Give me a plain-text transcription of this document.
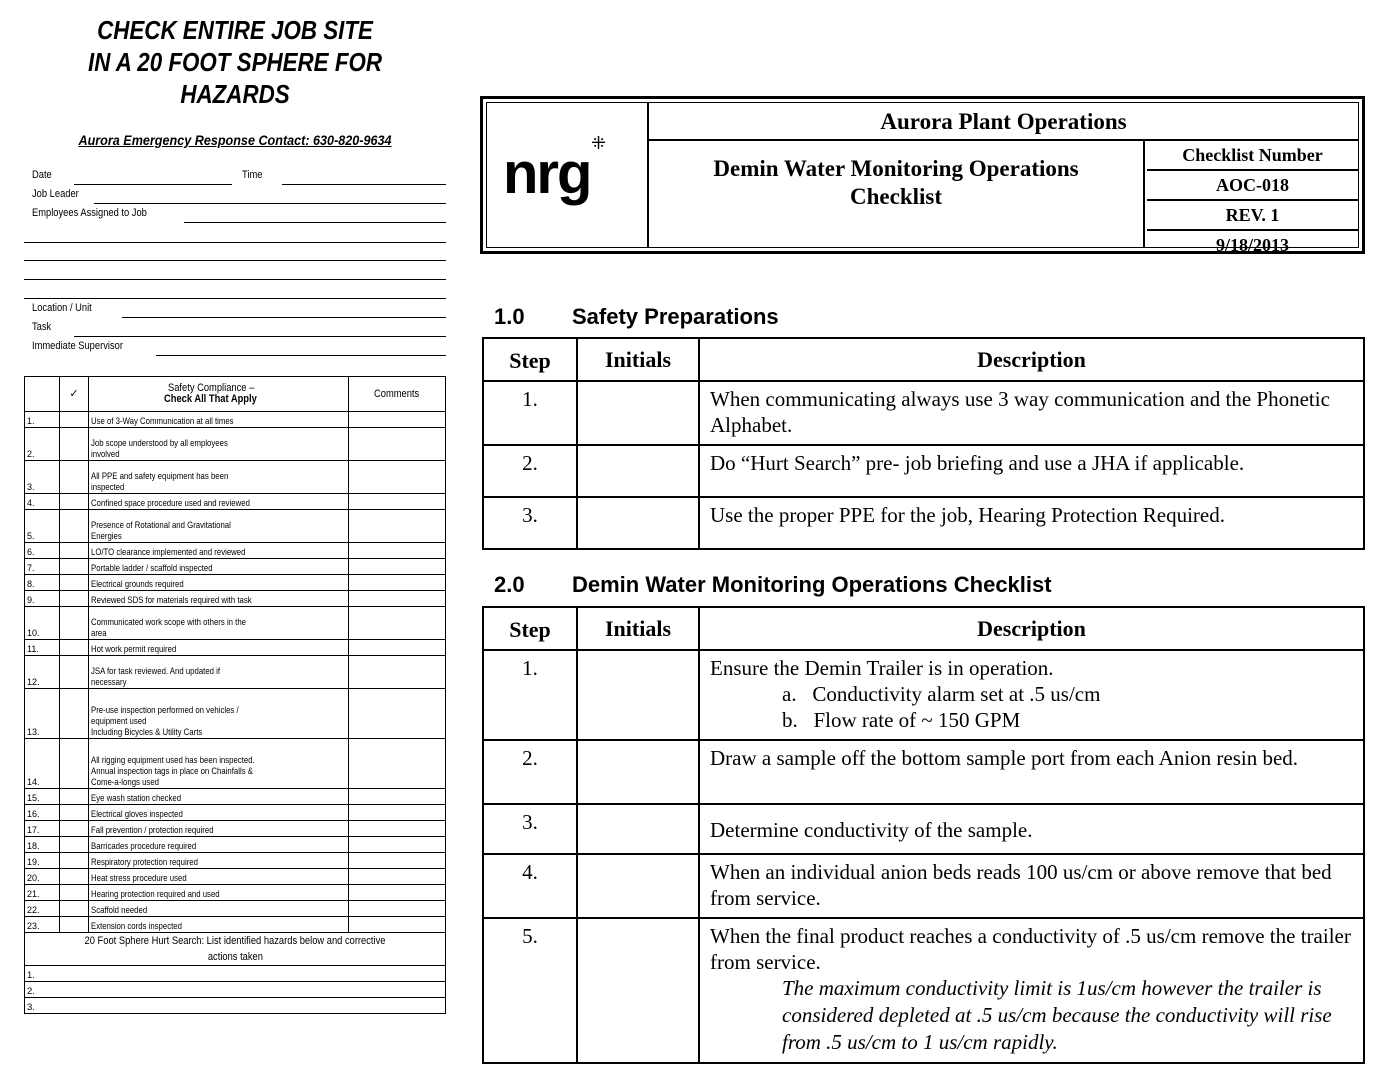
CHECK ENTIRE JOB SITE
IN A 20 FOOT SPHERE FOR
HAZARDS
Aurora Emergency Response Contact: 630-820-9634
Date	Time
Job Leader
Employees Assigned to Job
Location / Unit
Task
Immediate Supervisor
	✓	Safety Compliance –
Check All That Apply	Comments
1.		Use of 3-Way Communication at all times	
2.		Job scope understood by all employees
involved	
3.		All PPE and safety equipment has been
inspected	
4.		Confined space procedure used and reviewed	
5.		Presence of Rotational and Gravitational
Energies	
6.		LO/TO clearance implemented and reviewed	
7.		Portable ladder / scaffold inspected	
8.		Electrical grounds required	
9.		Reviewed SDS for materials required with task	
10.		Communicated work scope with others in the
area	
11.		Hot work permit required	
12.		JSA for task reviewed. And updated if
necessary	
13.		Pre-use inspection performed on vehicles /
equipment used
Including Bicycles & Utility Carts	
14.		All rigging equipment used has been inspected.
Annual inspection tags in place on Chainfalls &
Come-a-longs used	
15.		Eye wash station checked	
16.		Electrical gloves inspected	
17.		Fall prevention / protection required	
18.		Barricades procedure required	
19.		Respiratory protection required	
20.		Heat stress procedure used	
21.		Hearing protection required and used	
22.		Scaffold needed	
23.		Extension cords inspected	
20 Foot Sphere Hurt Search: List identified hazards below and corrective
actions taken			
1.			
2.			
3.			
nrg ⁜
Aurora Plant Operations
Demin Water Monitoring Operations
Checklist
Checklist Number
AOC-018
REV. 1
9/18/2013
1.0 Safety Preparations
Step	Initials	Description
1.		When communicating always use 3 way communication and the Phonetic Alphabet.
2.		Do “Hurt Search” pre- job briefing and use a JHA if applicable.
3.		Use the proper PPE for the job, Hearing Protection Required.
2.0 Demin Water Monitoring Operations Checklist
Step	Initials	Description
1.		Ensure the Demin Trailer is in operation.
a.   Conductivity alarm set at .5 us/cm
b.   Flow rate of ~ 150 GPM

2.		Draw a sample off the bottom sample port from each Anion resin bed.
3.		Determine conductivity of the sample.
4.		When an individual anion beds reads 100 us/cm or above remove that bed from service.
5.		When the final product reaches a conductivity of .5 us/cm remove the trailer from service.
The maximum conductivity limit is 1us/cm however the trailer is considered depleted at .5 us/cm because the conductivity will rise from .5 us/cm to 1 us/cm rapidly.
